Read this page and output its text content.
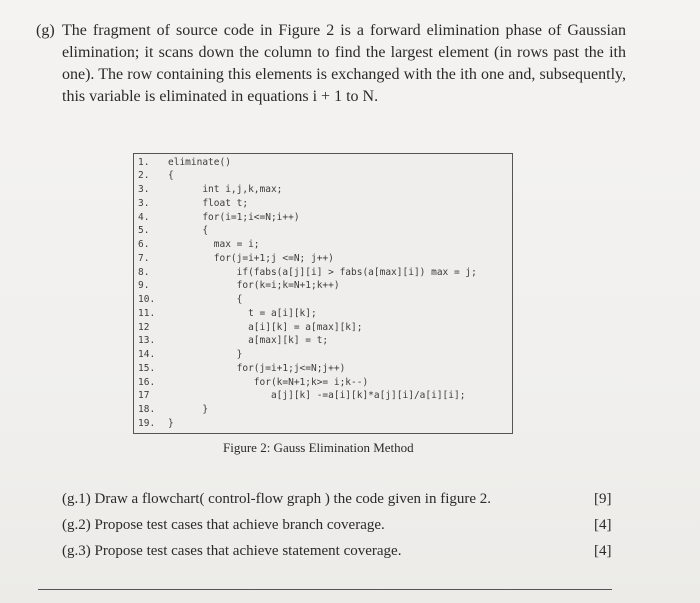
(g) The fragment of source code in Figure 2 is a forward elimination phase of Gaussian elimination; it scans down the column to find the largest element (in rows past the ith one). The row containing this elements is exchanged with the ith one and, subsequently, this variable is eliminated in equations i + 1 to N.
1. eliminate()
2. {
3.      int i,j,k,max;
3.      float t;
4.      for(i=1;i<=N;i++)
5.      {
6.        max = i;
7.        for(j=i+1;j <=N; j++)
8.            if(fabs(a[j][i] > fabs(a[max][i]) max = j;
9.            for(k=i;k=N+1;k++)
10.            {
11.              t = a[i][k];
12              a[i][k] = a[max][k];
13.              a[max][k] = t;
14.            }
15.            for(j=i+1;j<=N;j++)
16.               for(k=N+1;k>= i;k--)
17                  a[j][k] -=a[i][k]*a[j][i]/a[i][i];
18.      }
19. }
Figure 2: Gauss Elimination Method
(g.1) Draw a flowchart( control-flow graph ) the code given in figure 2.	[9]
(g.2) Propose test cases that achieve branch coverage.	[4]
(g.3) Propose test cases that achieve statement coverage.	[4]
